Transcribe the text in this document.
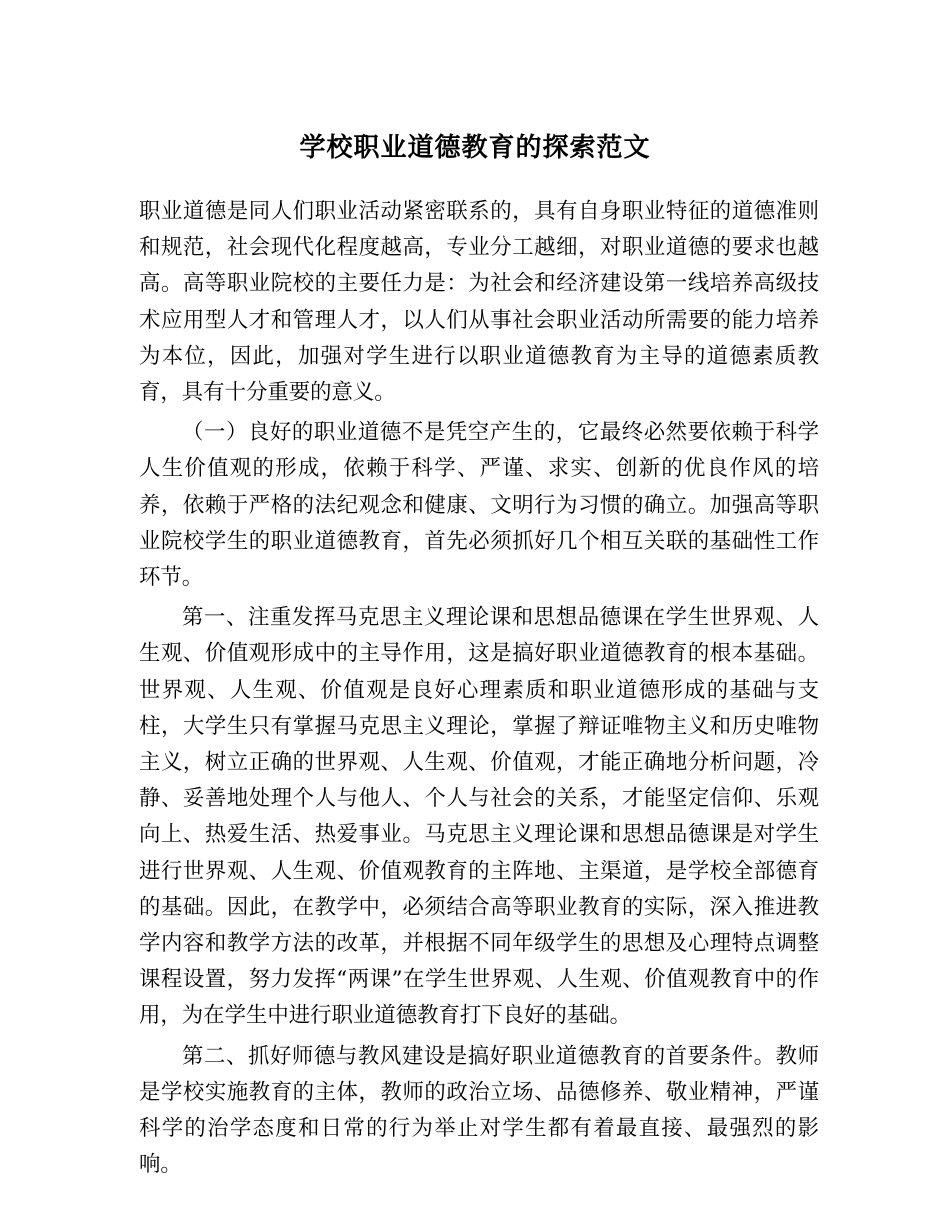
学校职业道德教育的探索范文

职业道德是同人们职业活动紧密联系的，具有自身职业特征的道德准则和规范，社会现代化程度越高，专业分工越细，对职业道德的要求也越高。高等职业院校的主要任力是：为社会和经济建设第一线培养高级技术应用型人才和管理人才，以人们从事社会职业活动所需要的能力培养为本位，因此，加强对学生进行以职业道德教育为主导的道德素质教育，具有十分重要的意义。

（一）良好的职业道德不是凭空产生的，它最终必然要依赖于科学人生价值观的形成，依赖于科学、严谨、求实、创新的优良作风的培养，依赖于严格的法纪观念和健康、文明行为习惯的确立。加强高等职业院校学生的职业道德教育，首先必须抓好几个相互关联的基础性工作环节。

第一、注重发挥马克思主义理论课和思想品德课在学生世界观、人生观、价值观形成中的主导作用，这是搞好职业道德教育的根本基础。世界观、人生观、价值观是良好心理素质和职业道德形成的基础与支柱，大学生只有掌握马克思主义理论，掌握了辩证唯物主义和历史唯物主义，树立正确的世界观、人生观、价值观，才能正确地分析问题，冷静、妥善地处理个人与他人、个人与社会的关系，才能坚定信仰、乐观向上、热爱生活、热爱事业。马克思主义理论课和思想品德课是对学生进行世界观、人生观、价值观教育的主阵地、主渠道，是学校全部德育的基础。因此，在教学中，必须结合高等职业教育的实际，深入推进教学内容和教学方法的改革，并根据不同年级学生的思想及心理特点调整课程设置，努力发挥“两课”在学生世界观、人生观、价值观教育中的作用，为在学生中进行职业道德教育打下良好的基础。

第二、抓好师德与教风建设是搞好职业道德教育的首要条件。教师是学校实施教育的主体，教师的政治立场、品德修养、敬业精神，严谨科学的治学态度和日常的行为举止对学生都有着最直接、最强烈的影响。
